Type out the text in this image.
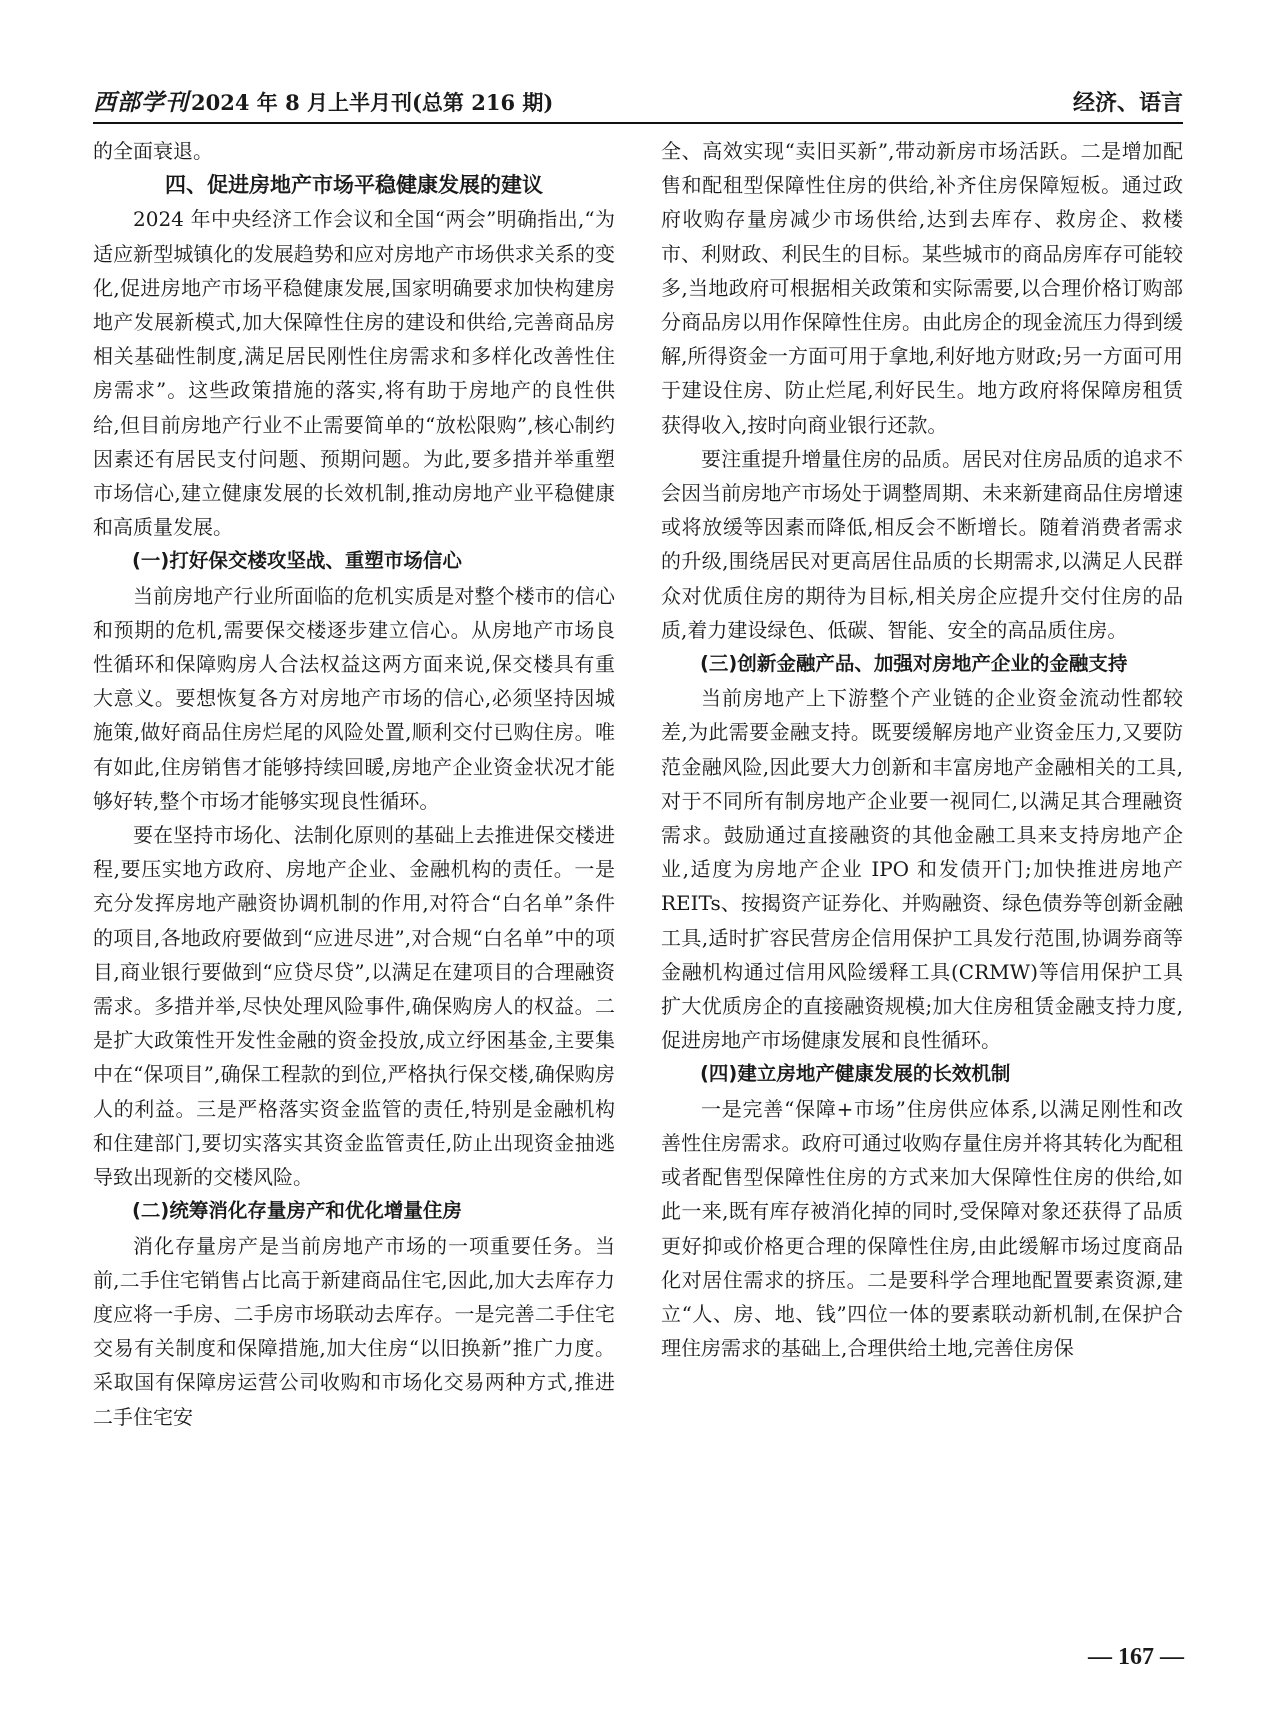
西部学刊2024 年 8 月上半月刊(总第 216 期)	经济、语言

的全面衰退。

四、促进房地产市场平稳健康发展的建议

2024 年中央经济工作会议和全国“两会”明确指出,“为适应新型城镇化的发展趋势和应对房地产市场供求关系的变化,促进房地产市场平稳健康发展,国家明确要求加快构建房地产发展新模式,加大保障性住房的建设和供给,完善商品房相关基础性制度,满足居民刚性住房需求和多样化改善性住房需求”。这些政策措施的落实,将有助于房地产的良性供给,但目前房地产行业不止需要简单的“放松限购”,核心制约因素还有居民支付问题、预期问题。为此,要多措并举重塑市场信心,建立健康发展的长效机制,推动房地产业平稳健康和高质量发展。

(一)打好保交楼攻坚战、重塑市场信心

当前房地产行业所面临的危机实质是对整个楼市的信心和预期的危机,需要保交楼逐步建立信心。从房地产市场良性循环和保障购房人合法权益这两方面来说,保交楼具有重大意义。要想恢复各方对房地产市场的信心,必须坚持因城施策,做好商品住房烂尾的风险处置,顺利交付已购住房。唯有如此,住房销售才能够持续回暖,房地产企业资金状况才能够好转,整个市场才能够实现良性循环。

要在坚持市场化、法制化原则的基础上去推进保交楼进程,要压实地方政府、房地产企业、金融机构的责任。一是充分发挥房地产融资协调机制的作用,对符合“白名单”条件的项目,各地政府要做到“应进尽进”,对合规“白名单”中的项目,商业银行要做到“应贷尽贷”,以满足在建项目的合理融资需求。多措并举,尽快处理风险事件,确保购房人的权益。二是扩大政策性开发性金融的资金投放,成立纾困基金,主要集中在“保项目”,确保工程款的到位,严格执行保交楼,确保购房人的利益。三是严格落实资金监管的责任,特别是金融机构和住建部门,要切实落实其资金监管责任,防止出现资金抽逃导致出现新的交楼风险。

(二)统筹消化存量房产和优化增量住房

消化存量房产是当前房地产市场的一项重要任务。当前,二手住宅销售占比高于新建商品住宅,因此,加大去库存力度应将一手房、二手房市场联动去库存。一是完善二手住宅交易有关制度和保障措施,加大住房“以旧换新”推广力度。采取国有保障房运营公司收购和市场化交易两种方式,推进二手住宅安

全、高效实现“卖旧买新”,带动新房市场活跃。二是增加配售和配租型保障性住房的供给,补齐住房保障短板。通过政府收购存量房减少市场供给,达到去库存、救房企、救楼市、利财政、利民生的目标。某些城市的商品房库存可能较多,当地政府可根据相关政策和实际需要,以合理价格订购部分商品房以用作保障性住房。由此房企的现金流压力得到缓解,所得资金一方面可用于拿地,利好地方财政;另一方面可用于建设住房、防止烂尾,利好民生。地方政府将保障房租赁获得收入,按时向商业银行还款。

要注重提升增量住房的品质。居民对住房品质的追求不会因当前房地产市场处于调整周期、未来新建商品住房增速或将放缓等因素而降低,相反会不断增长。随着消费者需求的升级,围绕居民对更高居住品质的长期需求,以满足人民群众对优质住房的期待为目标,相关房企应提升交付住房的品质,着力建设绿色、低碳、智能、安全的高品质住房。

(三)创新金融产品、加强对房地产企业的金融支持

当前房地产上下游整个产业链的企业资金流动性都较差,为此需要金融支持。既要缓解房地产业资金压力,又要防范金融风险,因此要大力创新和丰富房地产金融相关的工具,对于不同所有制房地产企业要一视同仁,以满足其合理融资需求。鼓励通过直接融资的其他金融工具来支持房地产企业,适度为房地产企业 IPO 和发债开门;加快推进房地产 REITs、按揭资产证券化、并购融资、绿色债券等创新金融工具,适时扩容民营房企信用保护工具发行范围,协调券商等金融机构通过信用风险缓释工具(CRMW)等信用保护工具扩大优质房企的直接融资规模;加大住房租赁金融支持力度,促进房地产市场健康发展和良性循环。

(四)建立房地产健康发展的长效机制

一是完善“保障+市场”住房供应体系,以满足刚性和改善性住房需求。政府可通过收购存量住房并将其转化为配租或者配售型保障性住房的方式来加大保障性住房的供给,如此一来,既有库存被消化掉的同时,受保障对象还获得了品质更好抑或价格更合理的保障性住房,由此缓解市场过度商品化对居住需求的挤压。二是要科学合理地配置要素资源,建立“人、房、地、钱”四位一体的要素联动新机制,在保护合理住房需求的基础上,合理供给土地,完善住房保

— 167 —
